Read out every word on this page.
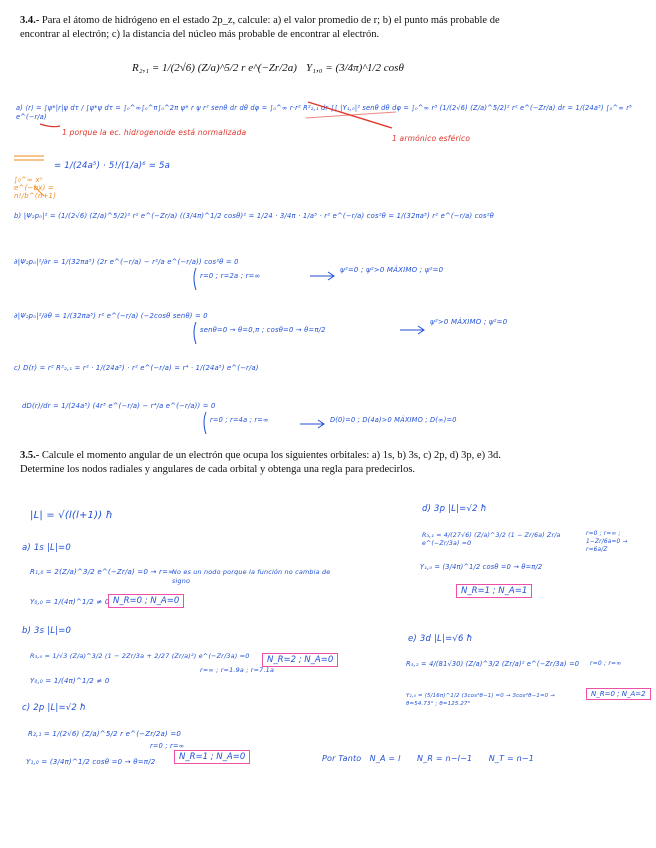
3.4.- Para el átomo de hidrógeno en el estado 2p_z, calcule: a) el valor promedio de r; b) el punto más probable de encontrar al electrón; c) la distancia del núcleo más probable de encontrar al electrón.
R₂,₁ = 1/(2√6) (Z/a)^5/2 r e^(−Zr/2a) Y₁,₀ = (3/4π)^1/2 cosθ
a) ⟨r⟩ = ∫ψ*|r|ψ dτ / ∫ψ*ψ dτ = ∫₀^∞∫₀^π∫₀^2π ψ* r ψ r² senθ dr dθ dφ = ∫₀^∞ r·r² R²₂,₁ dr ∫∫ |Y₁,₀|² senθ dθ dφ = ∫₀^∞ r³ (1/(2√6) (Z/a)^5/2)² r² e^(−Zr/a) dr = 1/(24a⁵) ∫₀^∞ r⁵ e^(−r/a)
1 porque la ec. hidrogenoide está normalizada
1 armónico esférico
∫₀^∞ xⁿ e^(−bx) = n!/b^(n+1)
= 1/(24a⁵) · 5!/(1/a)⁶ = 5a
b) |Ψ₂p₀|² = (1/(2√6) (Z/a)^5/2)² r² e^(−Zr/a) ((3/4π)^1/2 cosθ)² = 1/24 · 3/4π · 1/a⁵ · r² e^(−r/a) cos²θ = 1/(32πa⁵) r² e^(−r/a) cos²θ
∂|Ψ₂p₀|²/∂r = 1/(32πa⁵) (2r e^(−r/a) − r²/a e^(−r/a)) cos²θ = 0
r=0 ; r=2a ; r=∞
ψ²=0 ; ψ²>0 MÁXIMO ; ψ²=0
∂|Ψ₂p₀|²/∂θ = 1/(32πa⁵) r² e^(−r/a) (−2cosθ senθ) = 0
senθ=0 → θ=0,π ; cosθ=0 → θ=π/2
ψ²>0 MÁXIMO ; ψ²=0
c) D(r) = r² R²₂,₁ = r² · 1/(24a⁵) · r² e^(−r/a) = r⁴ · 1/(24a⁵) e^(−r/a)
dD(r)/dr = 1/(24a⁵) (4r³ e^(−r/a) − r⁴/a e^(−r/a)) = 0
r=0 ; r=4a ; r=∞	D(0)=0 ; D(4a)>0 MÁXIMO ; D(∞)=0
3.5.- Calcule el momento angular de un electrón que ocupa los siguientes orbitales: a) 1s, b) 3s, c) 2p, d) 3p, e) 3d. Determine los nodos radiales y angulares de cada orbital y obtenga una regla para predecirlos.
|L| = √(l(l+1)) ħ
a) 1s |L|=0
R₁,₀ = 2(Z/a)^3/2 e^(−Zr/a) =0 → r=∞
No es un nodo porque la función no cambia de signo
Y₀,₀ = 1/(4π)^1/2 ≠ 0 N_R=0 ; N_A=0
b) 3s |L|=0
R₃,₀ = 1/√3 (Z/a)^3/2 (1 − 2Zr/3a + 2/27 (Zr/a)²) e^(−Zr/3a) =0
r=∞ ; r=1.9a ; r=7.1a
Y₀,₀ = 1/(4π)^1/2 ≠ 0
N_R=2 ; N_A=0
c) 2p |L|=√2 ħ
R₂,₁ = 1/(2√6) (Z/a)^5/2 r e^(−Zr/2a) =0
r=0 ; r=∞
Y₁,₀ = (3/4π)^1/2 cosθ =0 → θ=π/2	N_R=1 ; N_A=0
d) 3p |L|=√2 ħ
R₃,₁ = 4/(27√6) (Z/a)^3/2 (1 − Zr/6a) Zr/a e^(−Zr/3a) =0
r=0 ; r=∞ ; 1−Zr/6a=0 → r=6a/Z
Y₁,₀ = (3/4π)^1/2 cosθ =0 → θ=π/2
N_R=1 ; N_A=1
e) 3d |L|=√6 ħ
R₃,₂ = 4/(81√30) (Z/a)^3/2 (Zr/a)² e^(−Zr/3a) =0 r=0 ; r=∞
Y₂,₀ = (5/16π)^1/2 (3cos²θ−1) =0 → 3cos²θ−1=0 → θ=54.73° ; θ=125.27°
N_R=0 ; N_A=2
Por Tanto   N_A = l      N_R = n−l−1      N_T = n−1
